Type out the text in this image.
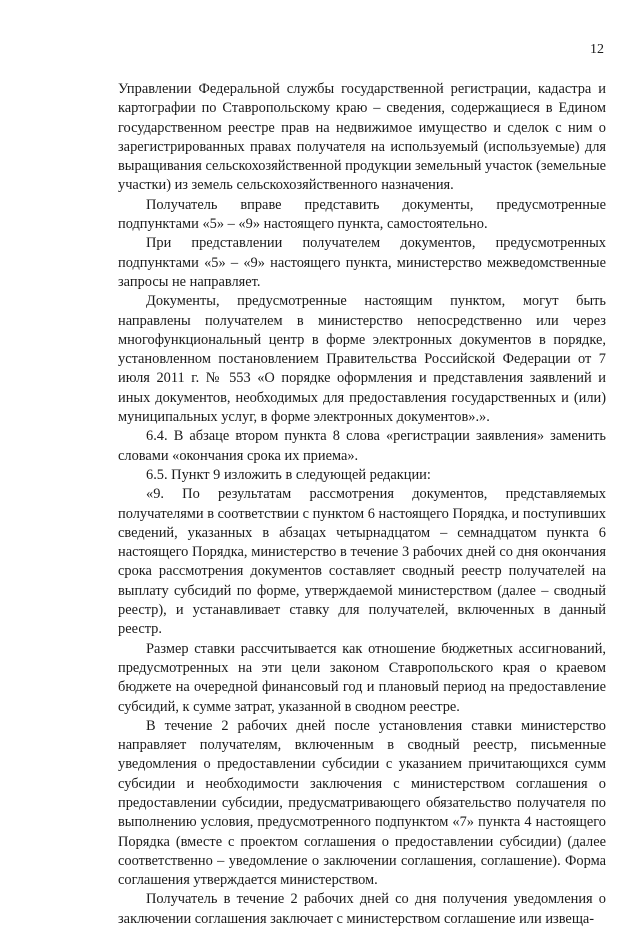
12

Управлении Федеральной службы государственной регистрации, кадастра и картографии по Ставропольскому краю – сведения, содержащиеся в Едином государственном реестре прав на недвижимое имущество и сделок с ним о зарегистрированных правах получателя на используемый (используемые) для выращивания сельскохозяйственной продукции земельный участок (земельные участки) из земель сельскохозяйственного назначения.

Получатель вправе представить документы, предусмотренные подпунктами «5» – «9» настоящего пункта, самостоятельно.

При представлении получателем документов, предусмотренных подпунктами «5» – «9» настоящего пункта, министерство межведомственные запросы не направляет.

Документы, предусмотренные настоящим пунктом, могут быть направлены получателем в министерство непосредственно или через многофункциональный центр в форме электронных документов в порядке, установленном постановлением Правительства Российской Федерации от 7 июля 2011 г. № 553 «О порядке оформления и представления заявлений и иных документов, необходимых для предоставления государственных и (или) муниципальных услуг, в форме электронных документов».».

6.4. В абзаце втором пункта 8 слова «регистрации заявления» заменить словами «окончания срока их приема».

6.5. Пункт 9 изложить в следующей редакции:

«9. По результатам рассмотрения документов, представляемых получателями в соответствии с пунктом 6 настоящего Порядка, и поступивших сведений, указанных в абзацах четырнадцатом – семнадцатом пункта 6 настоящего Порядка, министерство в течение 3 рабочих дней со дня окончания срока рассмотрения документов составляет сводный реестр получателей на выплату субсидий по форме, утверждаемой министерством (далее – сводный реестр), и устанавливает ставку для получателей, включенных в данный реестр.

Размер ставки рассчитывается как отношение бюджетных ассигнований, предусмотренных на эти цели законом Ставропольского края о краевом бюджете на очередной финансовый год и плановый период на предоставление субсидий, к сумме затрат, указанной в сводном реестре.

В течение 2 рабочих дней после установления ставки министерство направляет получателям, включенным в сводный реестр, письменные уведомления о предоставлении субсидии с указанием причитающихся сумм субсидии и необходимости заключения с министерством соглашения о предоставлении субсидии, предусматривающего обязательство получателя по выполнению условия, предусмотренного подпунктом «7» пункта 4 настоящего Порядка (вместе с проектом соглашения о предоставлении субсидии) (далее соответственно – уведомление о заключении соглашения, соглашение). Форма соглашения утверждается министерством.

Получатель в течение 2 рабочих дней со дня получения уведомления о заключении соглашения заключает с министерством соглашение или извеща-
